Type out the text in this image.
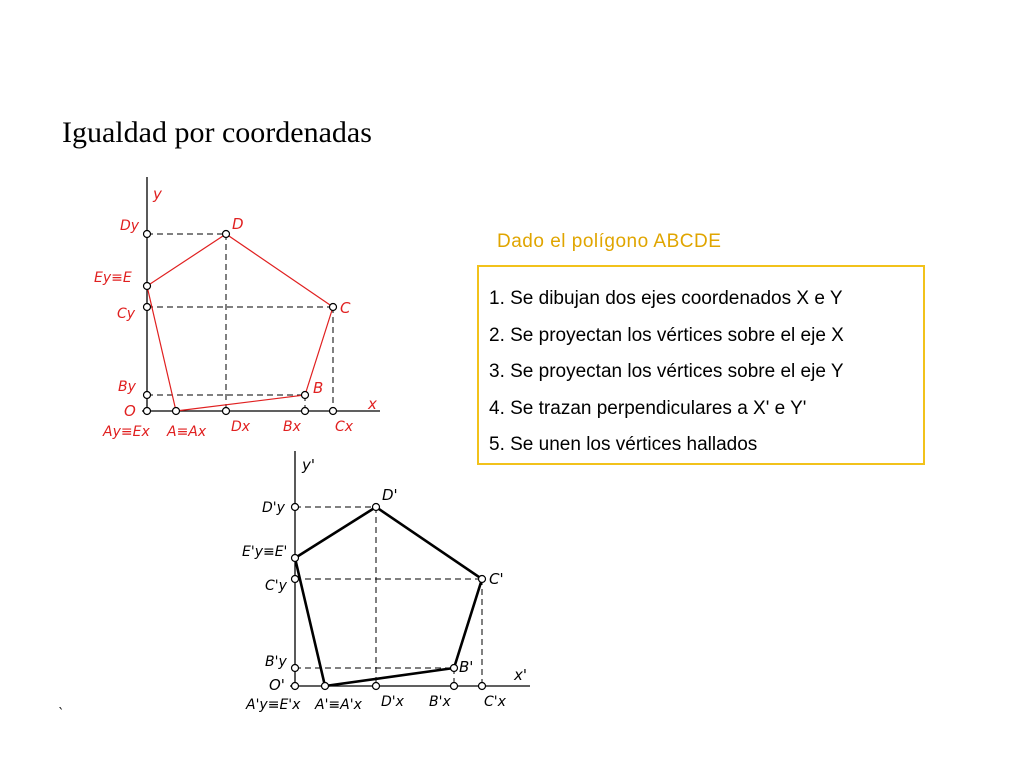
Igualdad por coordenadas
D
C
B
O	x
y
Dy
Ey≡E
Cy
By
Ay≡Ex A≡Ax Dx Bx Cx
D'
C'
B'
O'
x'
y'
D'y
E'y≡E'
C'y
B'y
A'y≡E'x A'≡A'x D'x B'x C'x
`
Dado el polígono ABCDE
1. Se dibujan dos ejes coordenados X e Y
2. Se proyectan los vértices sobre el eje X
3. Se proyectan los vértices sobre el eje Y
4. Se trazan perpendiculares a X' e Y'
5. Se unen los vértices hallados
